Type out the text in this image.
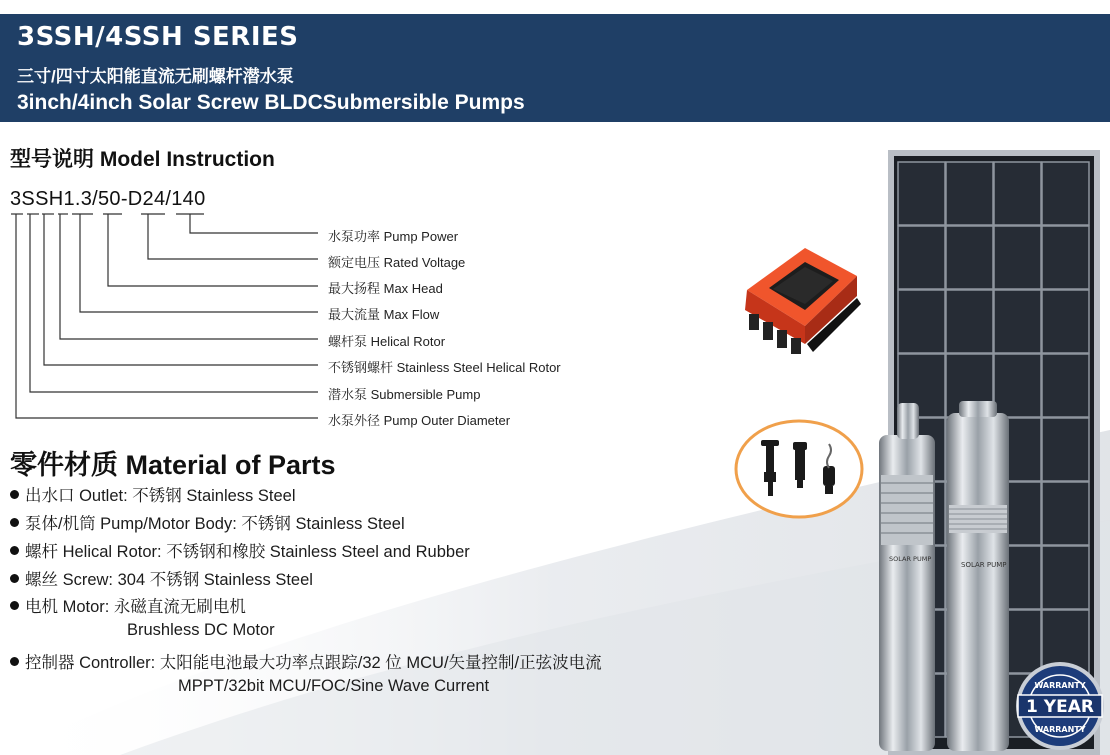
3SSH/4SSH SERIES
三寸/四寸太阳能直流无刷螺杆潜水泵
3inch/4inch Solar Screw BLDCSubmersible Pumps
型号说明 Model Instruction
3SSH1.3/50-D24/140
水泵功率 Pump Power
额定电压 Rated Voltage
最大扬程 Max Head
最大流量 Max Flow
螺杆泵 Helical Rotor
不锈钢螺杆 Stainless Steel Helical Rotor
潜水泵 Submersible Pump
水泵外径 Pump Outer Diameter
零件材质 Material of Parts
出水口 Outlet: 不锈钢 Stainless Steel
泵体/机筒 Pump/Motor Body: 不锈钢 Stainless Steel
螺杆 Helical Rotor: 不锈钢和橡胶 Stainless Steel and Rubber
螺丝 Screw: 304 不锈钢 Stainless Steel
电机 Motor: 永磁直流无刷电机
Brushless DC Motor
控制器 Controller: 太阳能电池最大功率点跟踪/32 位 MCU/矢量控制/正弦波电流
MPPT/32bit MCU/FOC/Sine Wave Current
SOLAR PUMP
SOLAR PUMP
1 YEAR
WARRANTY
WARRANTY
